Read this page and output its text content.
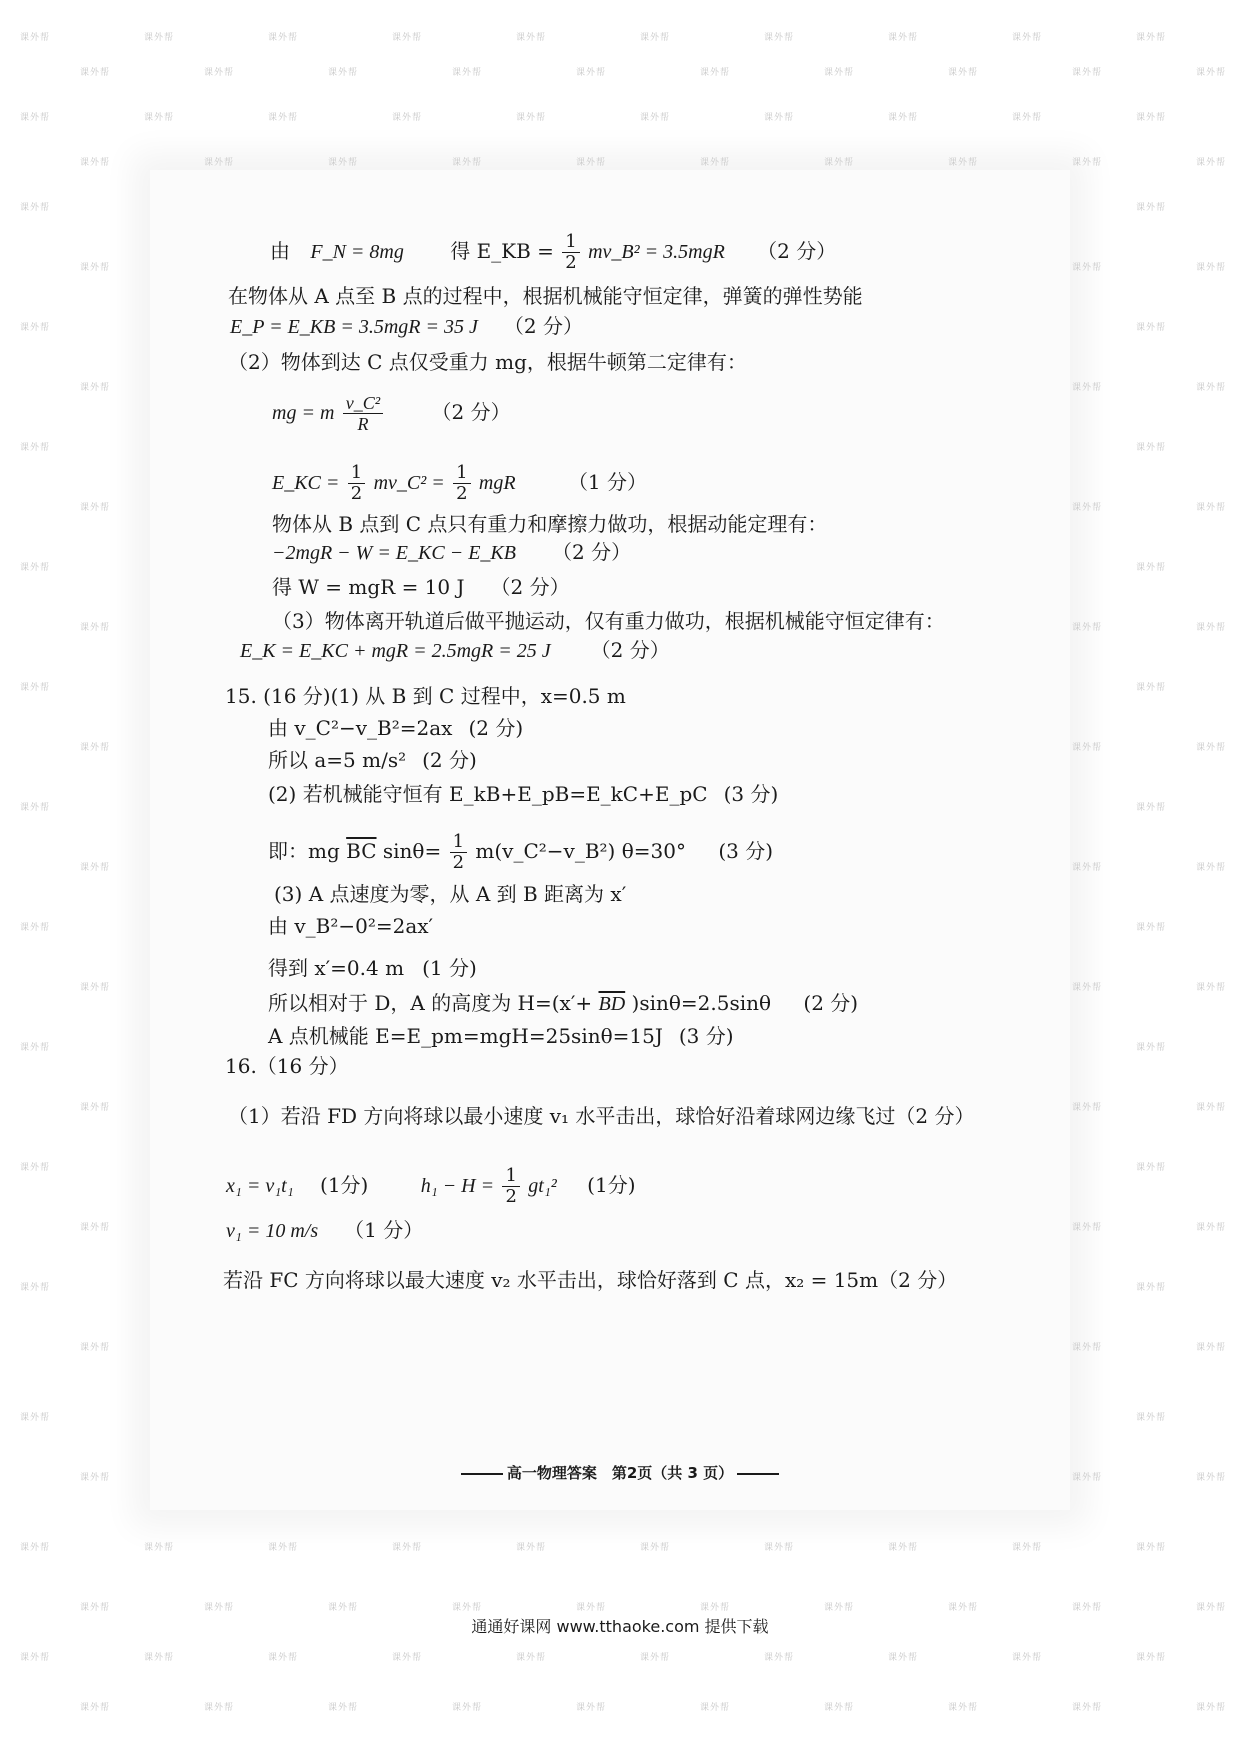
课外帮	课外帮	课外帮	课外帮	课外帮	课外帮	课外帮	课外帮	课外帮	课外帮
课外帮	课外帮	课外帮	课外帮	课外帮	课外帮	课外帮	课外帮	课外帮	课外帮
课外帮	课外帮	课外帮	课外帮	课外帮	课外帮	课外帮	课外帮	课外帮	课外帮
课外帮	课外帮	课外帮	课外帮	课外帮	课外帮	课外帮	课外帮	课外帮	课外帮
课外帮	课外帮
课外帮	课外帮	课外帮
课外帮	课外帮
课外帮	课外帮	课外帮
课外帮	课外帮
课外帮	课外帮	课外帮
课外帮	课外帮
课外帮	课外帮	课外帮
课外帮	课外帮
课外帮	课外帮	课外帮
课外帮	课外帮
课外帮	课外帮	课外帮
课外帮	课外帮
课外帮	课外帮	课外帮
课外帮	课外帮
课外帮	课外帮	课外帮
课外帮	课外帮
课外帮	课外帮	课外帮
课外帮	课外帮
课外帮	课外帮	课外帮
课外帮	课外帮
课外帮	课外帮	课外帮
课外帮	课外帮	课外帮	课外帮	课外帮	课外帮	课外帮	课外帮	课外帮	课外帮
课外帮	课外帮	课外帮	课外帮	课外帮	课外帮	课外帮	课外帮	课外帮	课外帮
课外帮	课外帮	课外帮	课外帮	课外帮	课外帮	课外帮	课外帮	课外帮	课外帮
课外帮	课外帮	课外帮	课外帮	课外帮	课外帮	课外帮	课外帮	课外帮	课外帮
由 F_N = 8mg 得 E_KB = $\frac{1}{2}$ mv_B² = 3.5mgR （2 分）
在物体从 A 点至 B 点的过程中，根据机械能守恒定律，弹簧的弹性势能
E_P = E_KB = 3.5mgR = 35 J （2 分）
（2）物体到达 C 点仅受重力 mg，根据牛顿第二定律有：
mg = m $\frac{\text{v\_C²}}{R} (2$ 分）
E_KC = $\frac{1}{2}$ mv_C² = $\frac{1}{2}$ mgR	（1 分）
物体从 B 点到 C 点只有重力和摩擦力做功，根据动能定理有：
−2mgR − W = E_KC − E_KB （2 分）
得 W = mgR = 10 J （2 分）
（3）物体离开轨道后做平抛运动，仅有重力做功，根据机械能守恒定律有：
E_K = E_KC + mgR = 2.5mgR = 25 J （2 分）
15. (16 分)(1) 从 B 到 C 过程中，x=0.5 m
由 v_C²−v_B²=2ax (2 分)
所以 a=5 m/s² (2 分)
(2) 若机械能守恒有 E_kB+E_pB=E_kC+E_pC (3 分)
即：mg $\overline{BC}$ $\sin\theta= \frac{1}{2}$ m(v_C²−v_B²) θ=30° (3 分)
(3) A 点速度为零，从 A 到 B 距离为 x′
由 v_B²−0²=2ax′
得到 x′=0.4 m (1 分)
所以相对于 D，A 的高度为 $H=(x'+ \overline{BD}$ )sinθ=2.5sinθ (2 分)
A 点机械能 E=E_pm=mgH=25sinθ=15J (3 分)
16.（16 分）
（1）若沿 FD 方向将球以最小速度 v₁ 水平击出，球恰好沿着球网边缘飞过（2 分）
x₁ = v₁t₁ (1分)	$h_1 - H = \frac{1}{2} gt_1^2$ (1分)
v₁ = 10 m/s （1 分）
若沿 FC 方向将球以最大速度 v₂ 水平击出，球恰好落到 C 点，x₂ = 15m（2 分）
高一物理答案　第2页（共 3 页）
通通好课网 www.tthaoke.com 提供下载
